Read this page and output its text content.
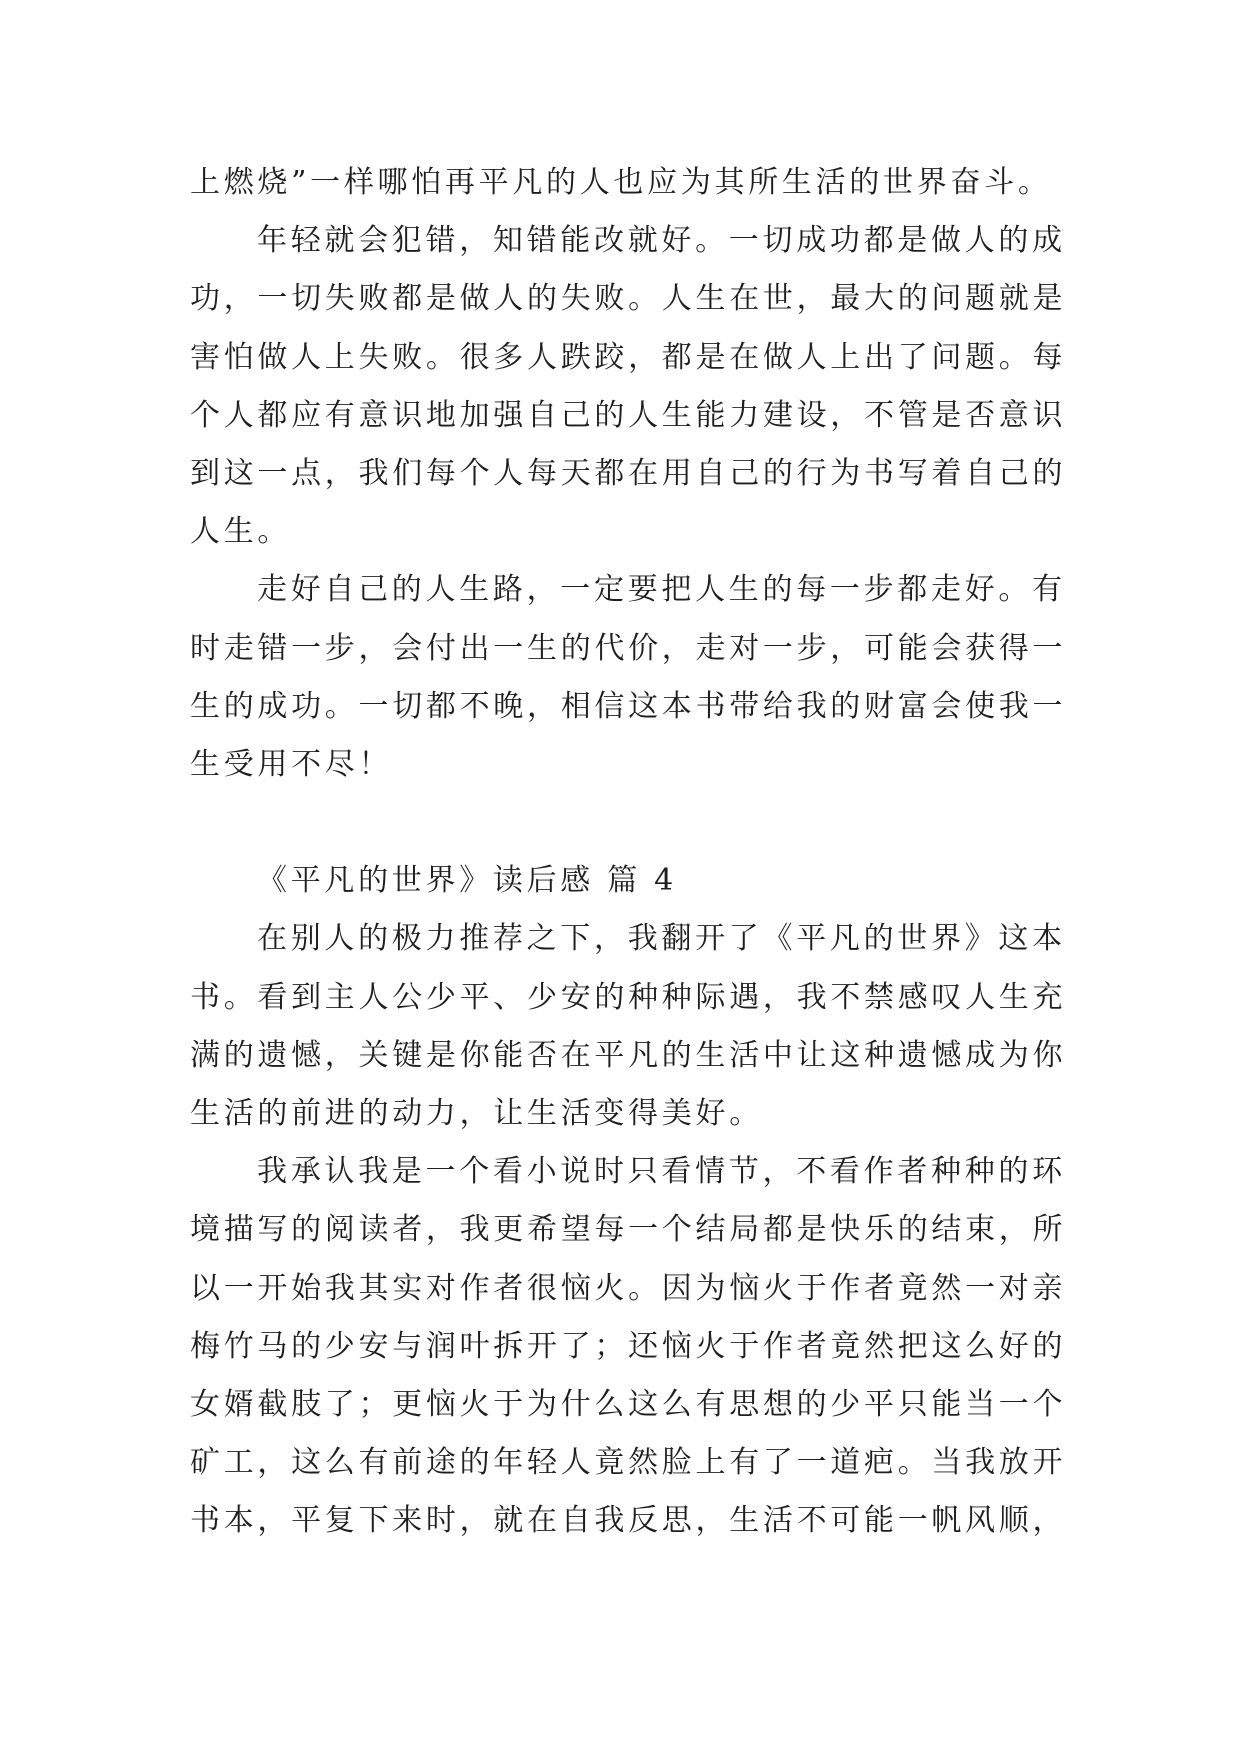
上燃烧”一样哪怕再平凡的人也应为其所生活的世界奋斗。
年轻就会犯错，知错能改就好。一切成功都是做人的成
功，一切失败都是做人的失败。人生在世，最大的问题就是
害怕做人上失败。很多人跌跤，都是在做人上出了问题。每
个人都应有意识地加强自己的人生能力建设，不管是否意识
到这一点，我们每个人每天都在用自己的行为书写着自己的
人生。
走好自己的人生路，一定要把人生的每一步都走好。有
时走错一步，会付出一生的代价，走对一步，可能会获得一
生的成功。一切都不晚，相信这本书带给我的财富会使我一
生受用不尽！
《平凡的世界》读后感 篇 4
在别人的极力推荐之下，我翻开了《平凡的世界》这本
书。看到主人公少平、少安的种种际遇，我不禁感叹人生充
满的遗憾，关键是你能否在平凡的生活中让这种遗憾成为你
生活的前进的动力，让生活变得美好。
我承认我是一个看小说时只看情节，不看作者种种的环
境描写的阅读者，我更希望每一个结局都是快乐的结束，所
以一开始我其实对作者很恼火。因为恼火于作者竟然一对亲
梅竹马的少安与润叶拆开了；还恼火于作者竟然把这么好的
女婿截肢了；更恼火于为什么这么有思想的少平只能当一个
矿工，这么有前途的年轻人竟然脸上有了一道疤。当我放开
书本，平复下来时，就在自我反思，生活不可能一帆风顺，
